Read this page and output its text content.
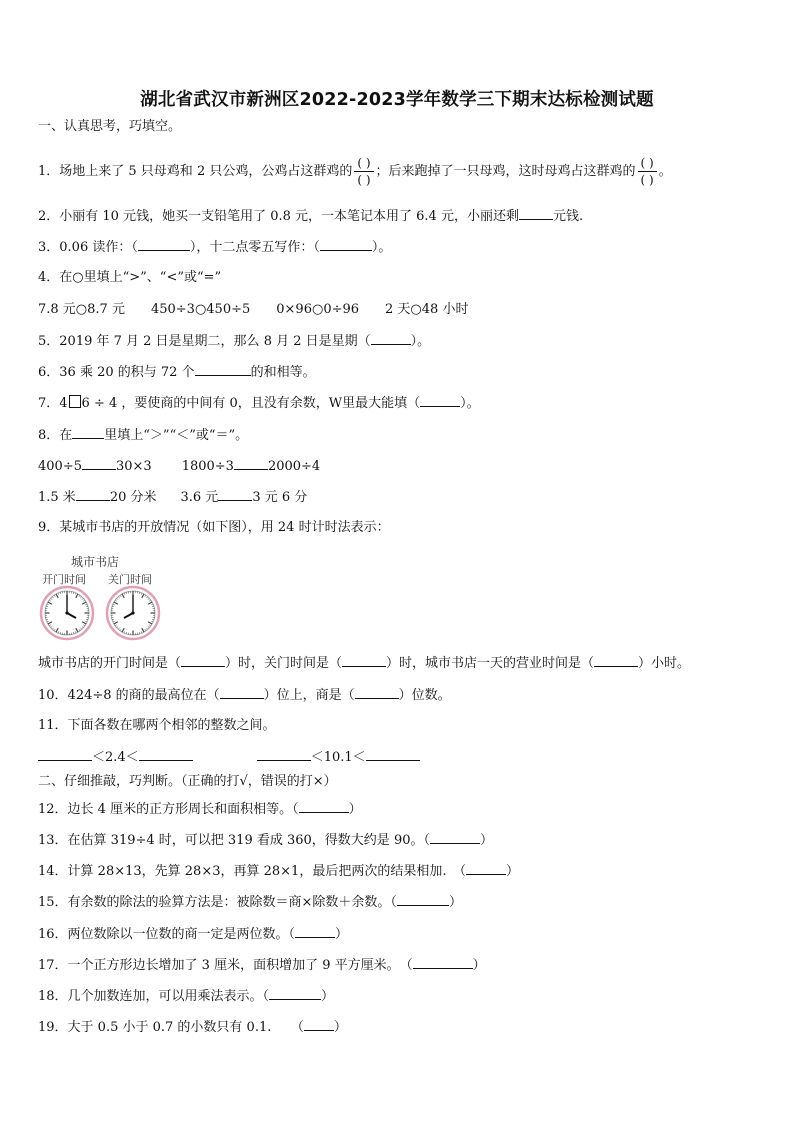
湖北省武汉市新洲区2022-2023学年数学三下期末达标检测试题
一、认真思考，巧填空。
1．场地上来了 5 只母鸡和 2 只公鸡，公鸡占这群鸡的 $\frac{( )}{( )}$ ；后来跑掉了一只母鸡，这时母鸡占这群鸡的 $\frac{( )}{( )}$ 。
2．小丽有 10 元钱，她买一支铅笔用了 0.8 元，一本笔记本用了 6.4 元，小丽还剩	元钱.
3．0.06 读作：（	），十二点零五写作：（	）。
4．在○里填上“>”、“<”或“=”
7.8 元○8.7 元 450÷3○450÷5 0×96○0÷96 2 天○48 小时
5．2019 年 7 月 2 日是星期二，那么 8 月 2 日是星期（	）。
6．36 乘 20 的积与 72 个	的和相等。
7．4 6 ÷ 4 ，要使商的中间有 0，且没有余数，W里最大能填（	）。
8．在 里填上“＞”“＜”或“＝”。
400÷5	30×3 1800÷3	2000÷4
1.5 米	20 分米 3.6 元	3 元 6 分
9．某城市书店的开放情况（如下图），用 24 时计时法表示：
城市书店
开门时间 关门时间
城市书店的开门时间是（	）时，关门时间是（	）时，城市书店一天的营业时间是（	）小时。
10．424÷8 的商的最高位在（	）位上，商是（	）位数。
11．下面各数在哪两个相邻的整数之间。
＜2.4＜	＜10.1＜
二、仔细推敲，巧判断。（正确的打√，错误的打×）
12．边长 4 厘米的正方形周长和面积相等。（	）
13．在估算 319÷4 时，可以把 319 看成 360，得数大约是 90。（	）
14．计算 28×13，先算 28×3，再算 28×1，最后把两次的结果相加.　（	）
15．有余数的除法的验算方法是：被除数＝商×除数＋余数。（	）
16．两位数除以一位数的商一定是两位数。（	）
17．一个正方形边长增加了 3 厘米，面积增加了 9 平方厘米。　（	）
18．几个加数连加，可以用乘法表示。（	）
19．大于 0.5 小于 0.7 的小数只有 0.1.　　（ ）
